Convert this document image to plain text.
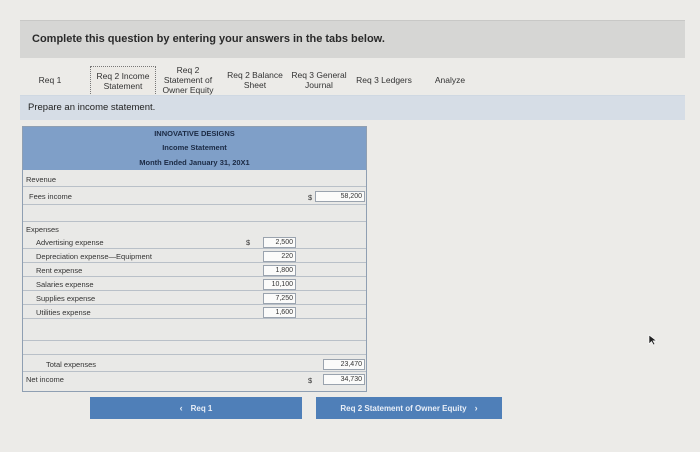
Complete this question by entering your answers in the tabs below.
Req 1	Req 2 Income
Statement
Req 2
Statement of
Owner Equity
Req 2 Balance
Sheet
Req 3 General
Journal	Req 3 Ledgers	Analyze
Prepare an income statement.
INNOVATIVE DESIGNS
Income Statement
Month Ended January 31, 20X1
Revenue
Fees income	$	58,200
Expenses
$
Advertising expense	2,500
Depreciation expense—Equipment	220
Rent expense	1,800
Salaries expense	10,100
Supplies expense	7,250
Utilities expense	1,600
Total expenses	23,470
Net income	$	34,730
‹ Req 1	Req 2 Statement of Owner Equity ›
